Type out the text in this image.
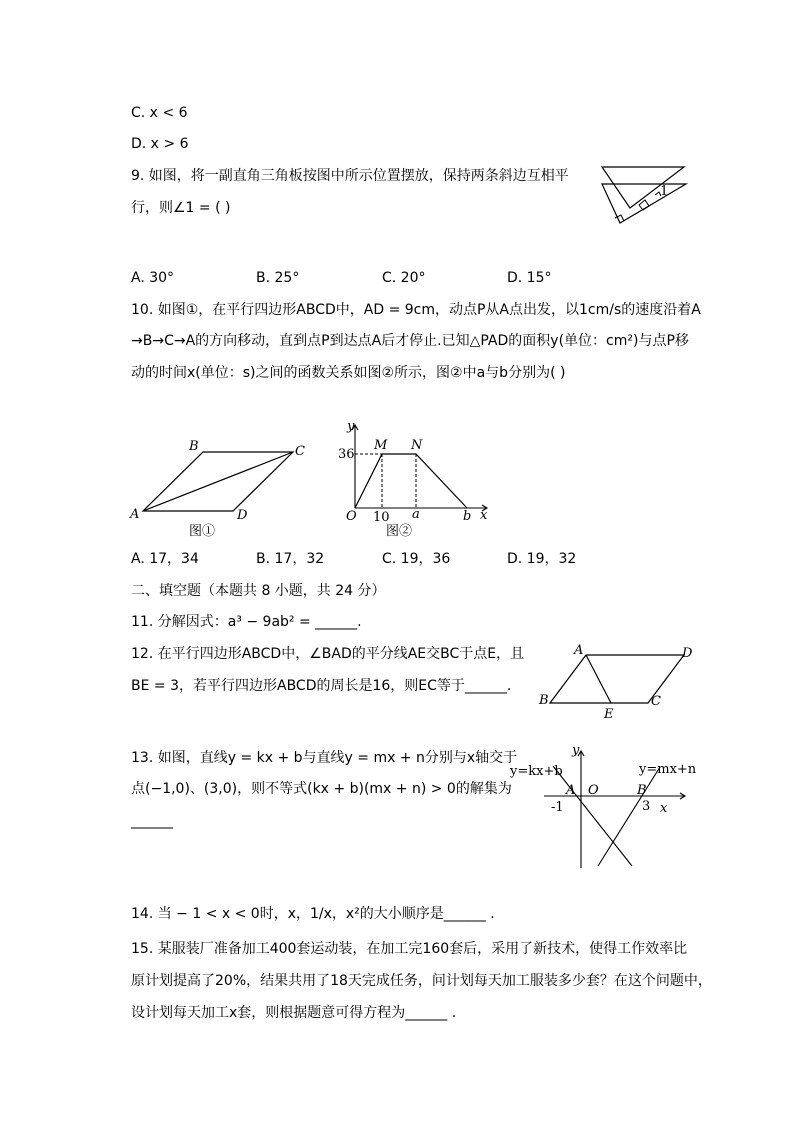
C. x < 6
D. x > 6
9. 如图，将一副直角三角板按图中所示位置摆放，保持两条斜边互相平
行，则∠1 = ( )
1
A. 30°	B. 25°	C. 20°	D. 15°
10. 如图①，在平行四边形ABCD中，AD = 9cm，动点P从A点出发，以1cm/s的速度沿着A
→B→C→A的方向移动，直到点P到达点A后才停止.已知△PAD的面积y(单位：cm²)与点P移
动的时间x(单位：s)之间的函数关系如图②所示，图②中a与b分别为( )
A
B	C
D
图①
y
x
O
M N
36
10 a	b
图②
A. 17，34	B. 17，32	C. 19，36	D. 19，32
二、填空题（本题共 8 小题，共 24 分）
11. 分解因式：a³ − 9ab² = ______.
12. 在平行四边形ABCD中，∠BAD的平分线AE交BC于点E，且
BE = 3，若平行四边形ABCD的周长是16，则EC等于______.
A
B	C
D
E
13. 如图，直线y = kx + b与直线y = mx + n分别与x轴交于
点(−1,0)、(3,0)，则不等式(kx + b)(mx + n) > 0的解集为
______
y
x
O
A	B
-1	3
y=kx+b	y=mx+n
14. 当 − 1 < x < 0时，x，1/x，x²的大小顺序是______ .
15. 某服装厂准备加工400套运动装，在加工完160套后，采用了新技术，使得工作效率比
原计划提高了20%，结果共用了18天完成任务，问计划每天加工服装多少套？在这个问题中，
设计划每天加工x套，则根据题意可得方程为______ .
